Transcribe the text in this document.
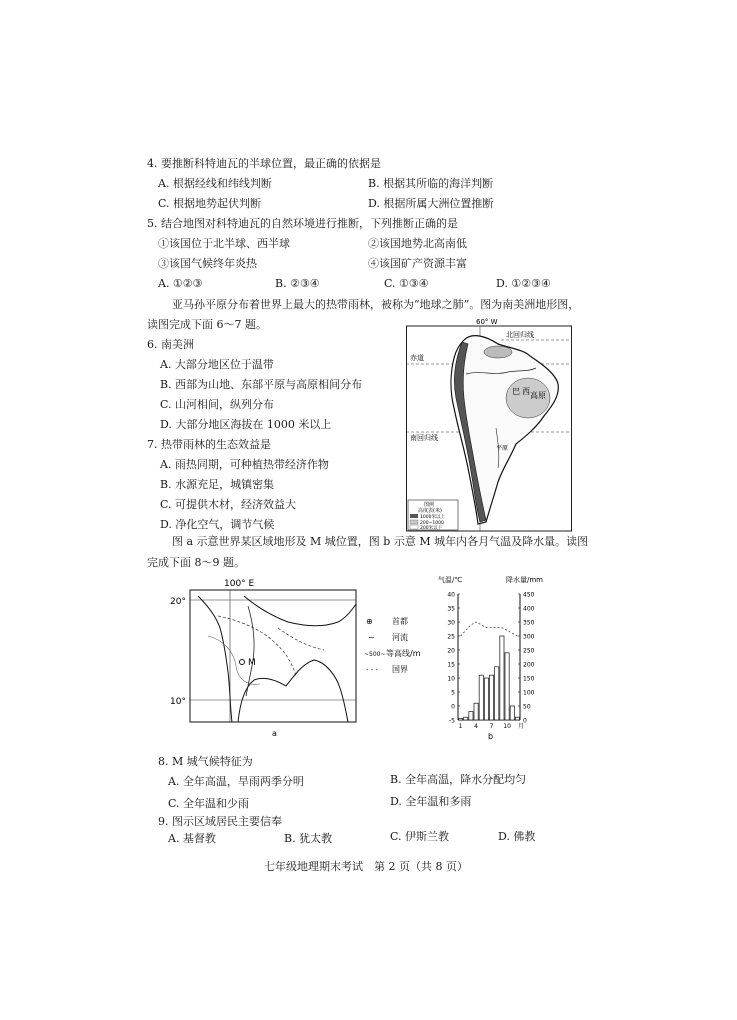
4. 要推断科特迪瓦的半球位置，最正确的依据是
A. 根据经线和纬线判断	B. 根据其所临的海洋判断
C. 根据地势起伏判断	D. 根据所属大洲位置推断
5. 结合地图对科特迪瓦的自然环境进行推断，下列推断正确的是
①该国位于北半球、西半球	②该国地势北高南低
③该国气候终年炎热	④该国矿产资源丰富
A. ①②③	B. ②③④	C. ①③④	D. ①②③④
亚马孙平原分布着世界上最大的热带雨林，被称为“地球之肺”。图为南美洲地形图，
读图完成下面 6～7 题。
6. 南美洲
A. 大部分地区位于温带
B. 西部为山地、东部平原与高原相间分布
C. 山河相间，纵列分布
D. 大部分地区海拔在 1000 米以上
7. 热带雨林的生态效益是
A. 雨热同期，可种植热带经济作物
B. 水源充足，城镇密集
C. 可提供木材，经济效益大
D. 净化空气，调节气候
60° W
北回归线
赤道
南回归线
巴 西 高原
平原
图例
高度表(米)
1000米以上
200~1000
200米以下
图 a 示意世界某区域地形及 M 城位置，图 b 示意 M 城年内各月气温及降水量。读图
完成下面 8～9 题。
100° E
20°
10°
M
a
⊕ 首都
~ 河流
~500~ 等高线/m
- - - 国界
气温/℃	降水量/mm
40
35
30
25
20
15
10
5
0
-5
450
400
350
300
250
200
150
100
50
0
1 4 7 10 月
b
8. M 城气候特征为
A. 全年高温，旱雨两季分明	B. 全年高温，降水分配均匀
C. 全年温和少雨	D. 全年温和多雨
9. 图示区域居民主要信奉
A. 基督教	B. 犹太教	C. 伊斯兰教	D. 佛教
七年级地理期末考试　第 2 页（共 8 页）
